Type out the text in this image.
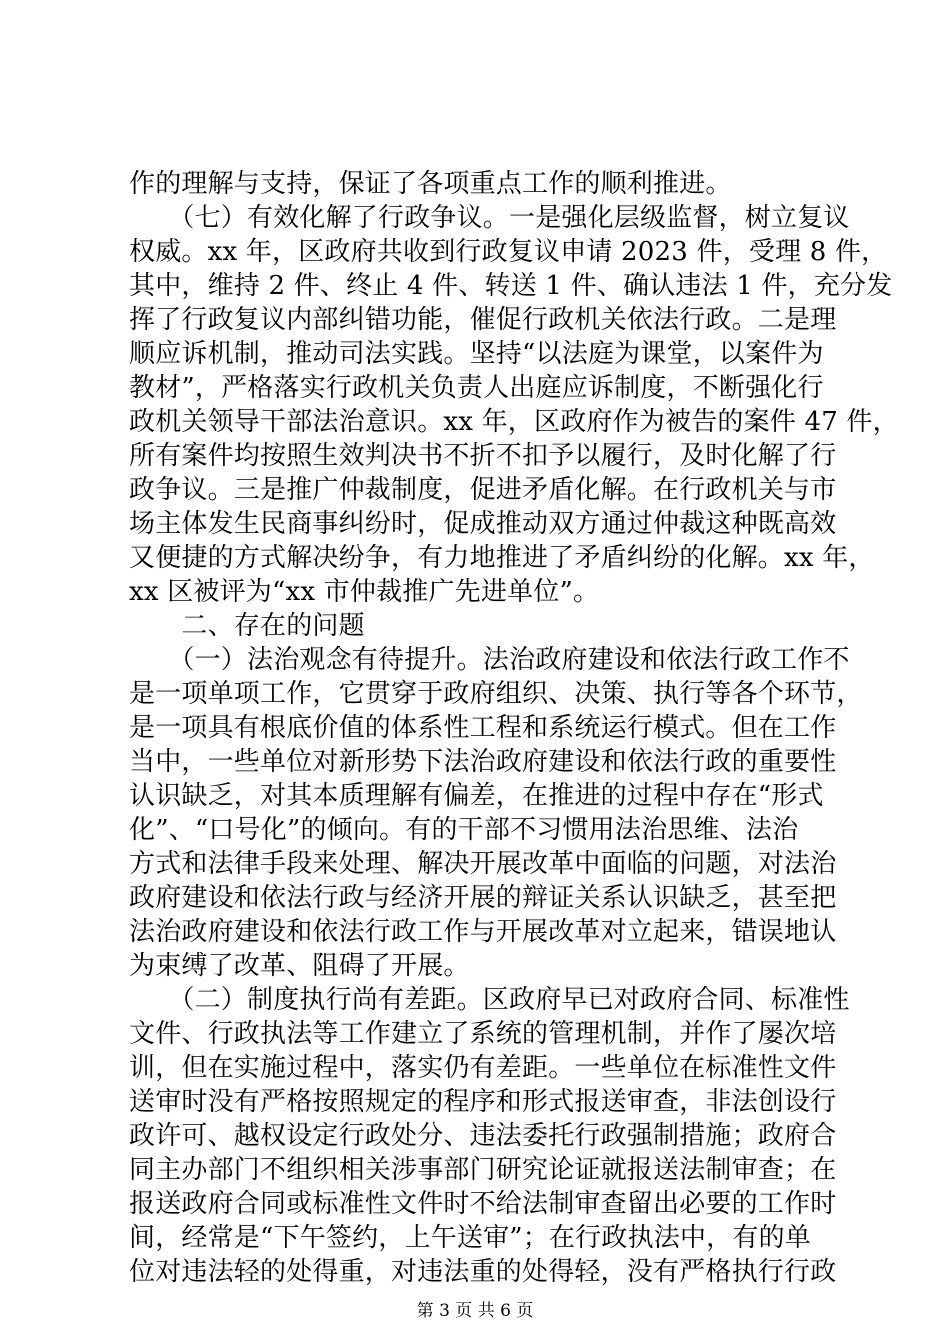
作的理解与支持，保证了各项重点工作的顺利推进。
　　（七）有效化解了行政争议。一是强化层级监督，树立复议
权威。xx 年，区政府共收到行政复议申请 2023 件，受理 8 件，
其中，维持 2 件、终止 4 件、转送 1 件、确认违法 1 件，充分发
挥了行政复议内部纠错功能，催促行政机关依法行政。二是理
顺应诉机制，推动司法实践。坚持“以法庭为课堂，以案件为
教材”，严格落实行政机关负责人出庭应诉制度，不断强化行
政机关领导干部法治意识。xx 年，区政府作为被告的案件 47 件，
所有案件均按照生效判决书不折不扣予以履行，及时化解了行
政争议。三是推广仲裁制度，促进矛盾化解。在行政机关与市
场主体发生民商事纠纷时，促成推动双方通过仲裁这种既高效
又便捷的方式解决纷争，有力地推进了矛盾纠纷的化解。xx 年，
xx 区被评为“xx 市仲裁推广先进单位”。
　　二、存在的问题
　　（一）法治观念有待提升。法治政府建设和依法行政工作不
是一项单项工作，它贯穿于政府组织、决策、执行等各个环节，
是一项具有根底价值的体系性工程和系统运行模式。但在工作
当中，一些单位对新形势下法治政府建设和依法行政的重要性
认识缺乏，对其本质理解有偏差，在推进的过程中存在“形式
化”、“口号化”的倾向。有的干部不习惯用法治思维、法治
方式和法律手段来处理、解决开展改革中面临的问题，对法治
政府建设和依法行政与经济开展的辩证关系认识缺乏，甚至把
法治政府建设和依法行政工作与开展改革对立起来，错误地认
为束缚了改革、阻碍了开展。
　　（二）制度执行尚有差距。区政府早已对政府合同、标准性
文件、行政执法等工作建立了系统的管理机制，并作了屡次培
训，但在实施过程中，落实仍有差距。一些单位在标准性文件
送审时没有严格按照规定的程序和形式报送审查，非法创设行
政许可、越权设定行政处分、违法委托行政强制措施；政府合
同主办部门不组织相关涉事部门研究论证就报送法制审查；在
报送政府合同或标准性文件时不给法制审查留出必要的工作时
间，经常是“下午签约，上午送审”；在行政执法中，有的单
位对违法轻的处得重，对违法重的处得轻，没有严格执行行政
第 3 页 共 6 页
